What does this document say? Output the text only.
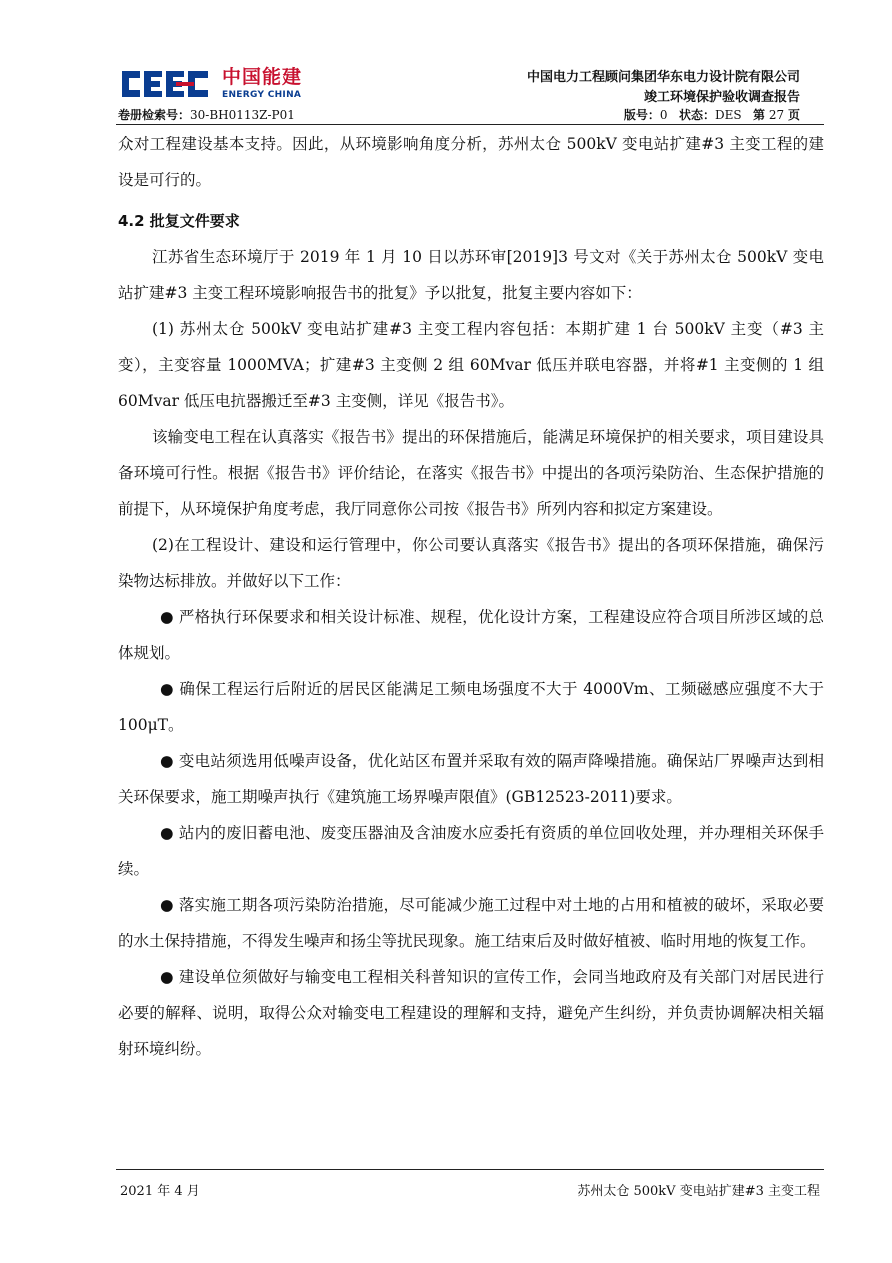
中国能建
ENERGY CHINA
中国电力工程顾问集团华东电力设计院有限公司
竣工环境保护验收调查报告
卷册检索号：30-BH0113Z-P01	版号：0 状态：DES 第 27 页

众对工程建设基本支持。因此，从环境影响角度分析，苏州太仓 500kV 变电站扩建#3 主变工程的建设是可行的。

4.2 批复文件要求

江苏省生态环境厅于 2019 年 1 月 10 日以苏环审[2019]3 号文对《关于苏州太仓 500kV 变电站扩建#3 主变工程环境影响报告书的批复》予以批复，批复主要内容如下：

(1) 苏州太仓 500kV 变电站扩建#3 主变工程内容包括：本期扩建 1 台 500kV 主变（#3 主变），主变容量 1000MVA；扩建#3 主变侧 2 组 60Mvar 低压并联电容器，并将#1 主变侧的 1 组 60Mvar 低压电抗器搬迁至#3 主变侧，详见《报告书》。

该输变电工程在认真落实《报告书》提出的环保措施后，能满足环境保护的相关要求，项目建设具备环境可行性。根据《报告书》评价结论，在落实《报告书》中提出的各项污染防治、生态保护措施的前提下，从环境保护角度考虑，我厅同意你公司按《报告书》所列内容和拟定方案建设。

(2)在工程设计、建设和运行管理中，你公司要认真落实《报告书》提出的各项环保措施，确保污染物达标排放。并做好以下工作：

● 严格执行环保要求和相关设计标准、规程，优化设计方案，工程建设应符合项目所涉区域的总体规划。

● 确保工程运行后附近的居民区能满足工频电场强度不大于 4000Vm、工频磁感应强度不大于 100μT。

● 变电站须选用低噪声设备，优化站区布置并采取有效的隔声降噪措施。确保站厂界噪声达到相关环保要求，施工期噪声执行《建筑施工场界噪声限值》(GB12523-2011)要求。

● 站内的废旧蓄电池、废变压器油及含油废水应委托有资质的单位回收处理，并办理相关环保手续。

● 落实施工期各项污染防治措施，尽可能减少施工过程中对土地的占用和植被的破坏，采取必要的水土保持措施，不得发生噪声和扬尘等扰民现象。施工结束后及时做好植被、临时用地的恢复工作。

● 建设单位须做好与输变电工程相关科普知识的宣传工作，会同当地政府及有关部门对居民进行必要的解释、说明，取得公众对输变电工程建设的理解和支持，避免产生纠纷，并负责协调解决相关辐射环境纠纷。

2021 年 4 月	苏州太仓 500kV 变电站扩建#3 主变工程
